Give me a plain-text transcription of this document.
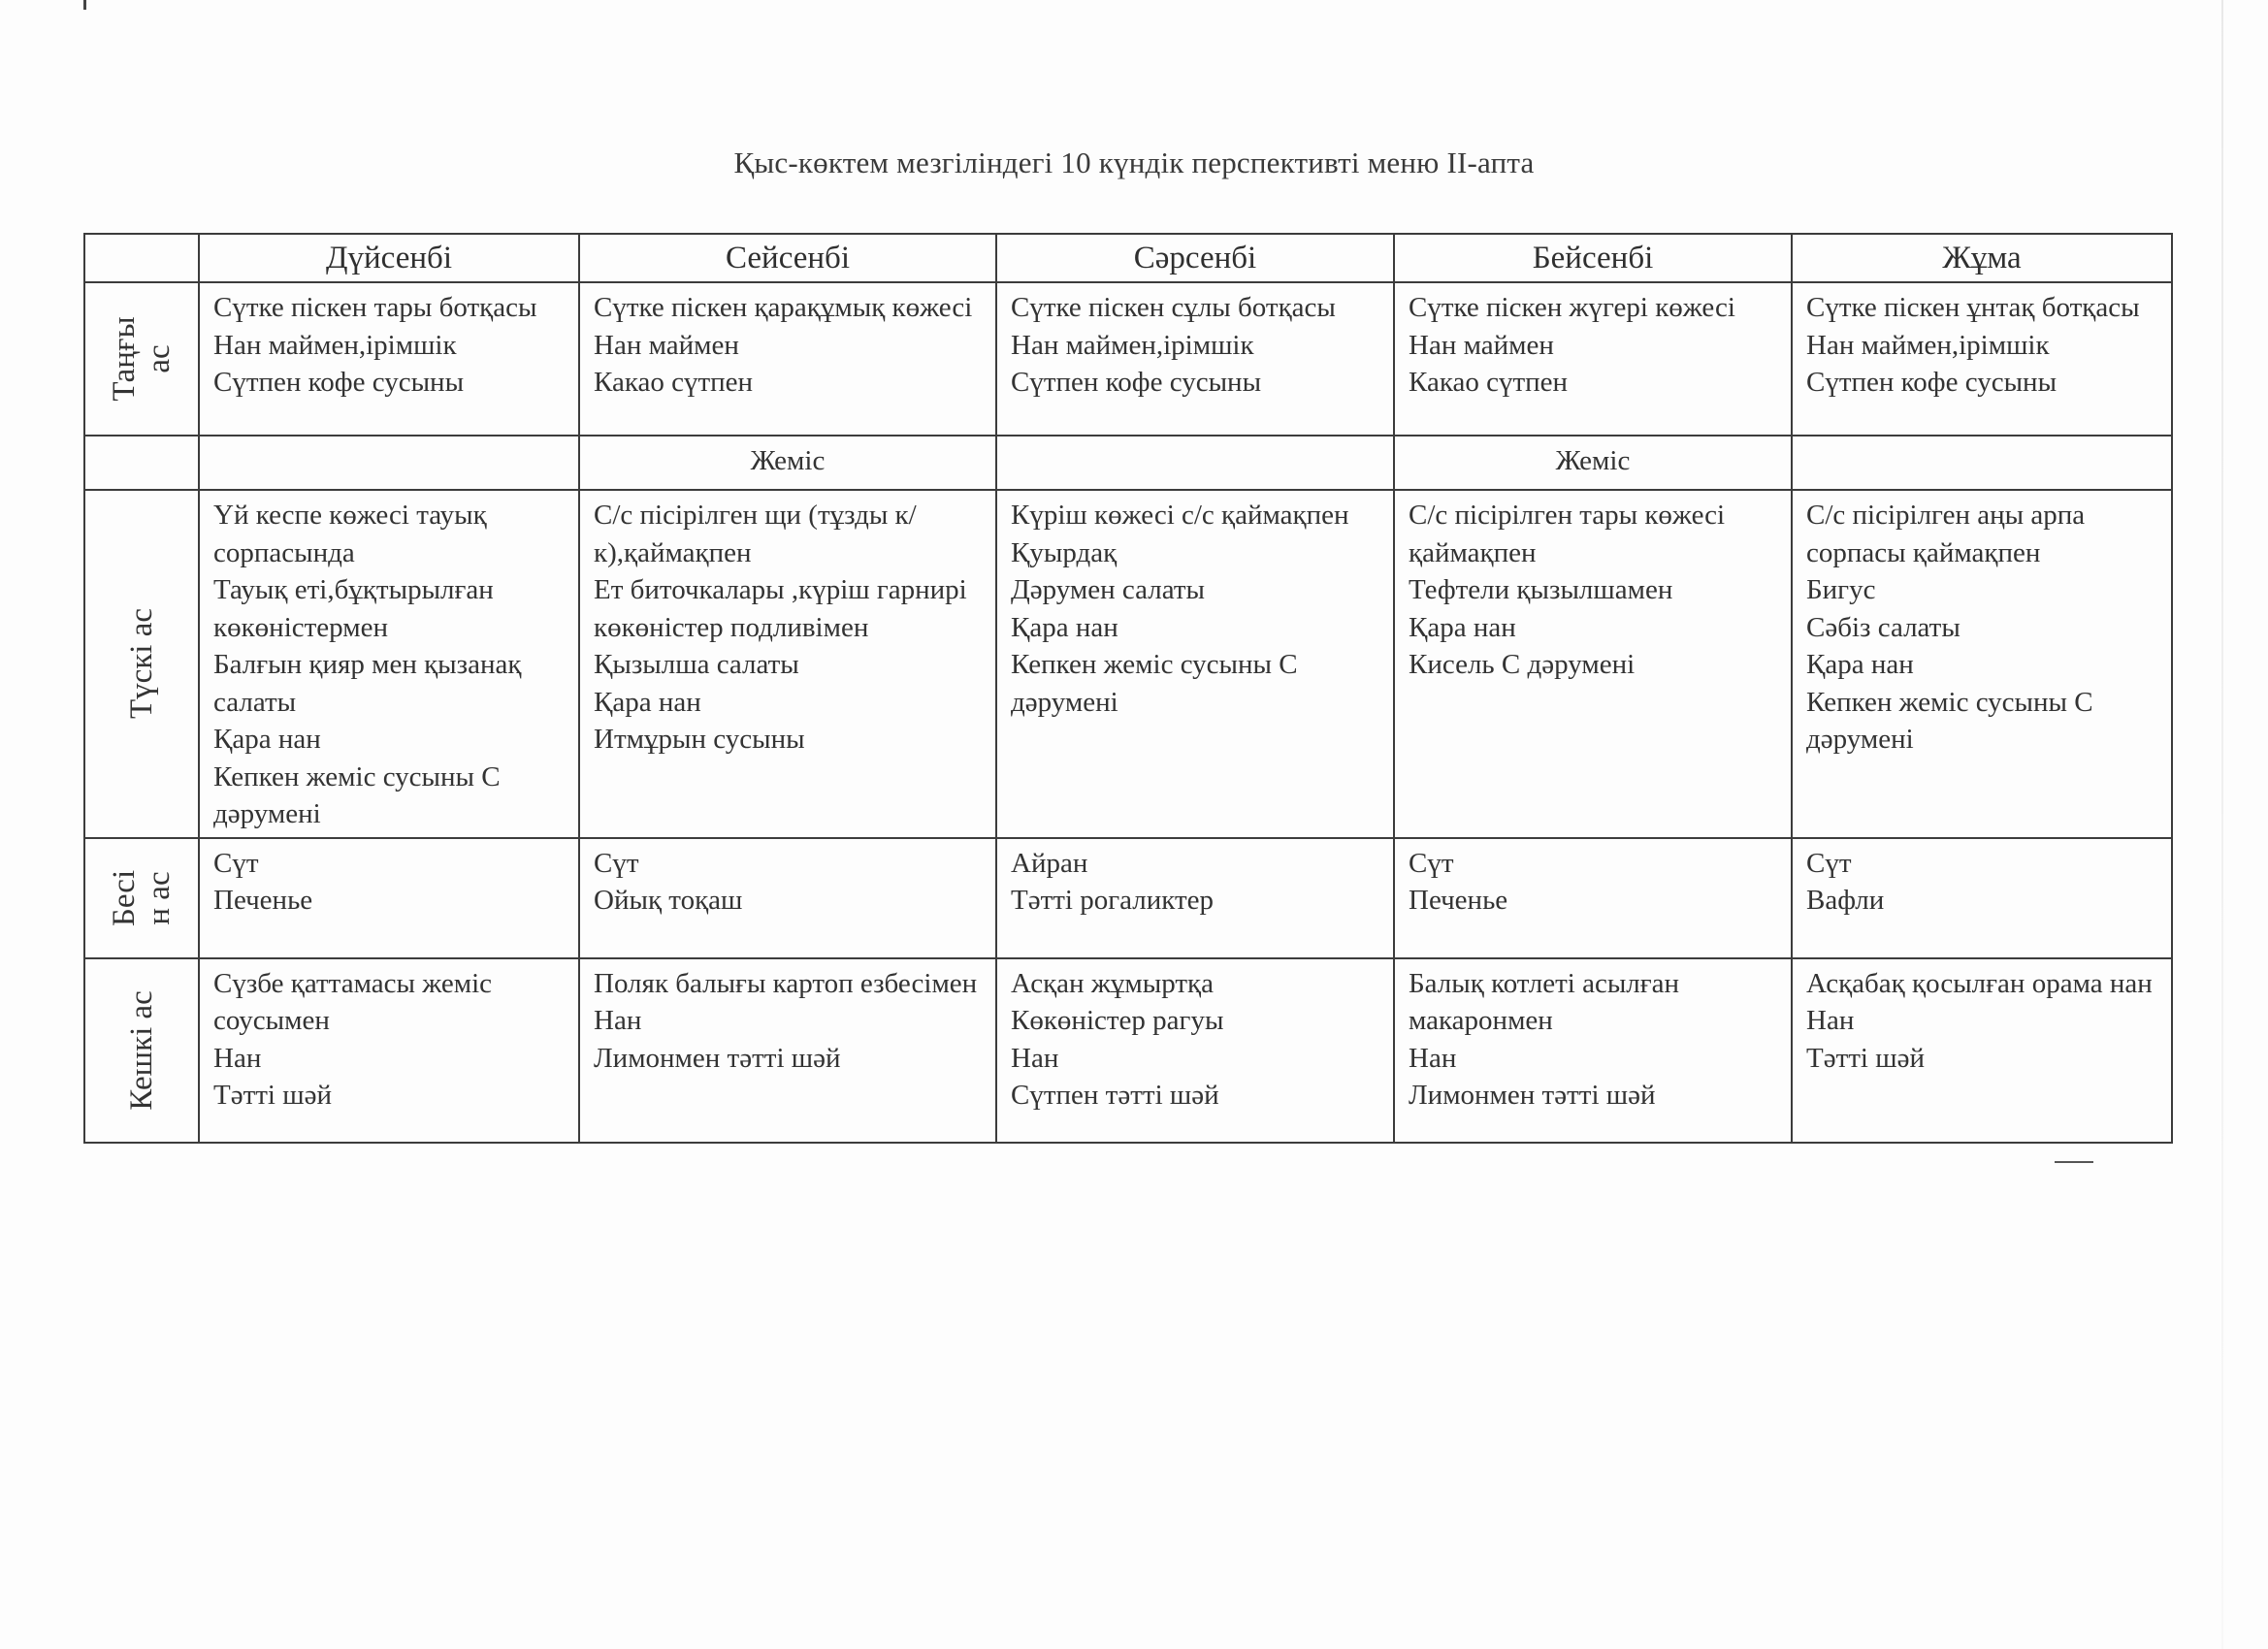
Қыс-көктем мезгіліндегі 10 күндік перспективті меню ІІ-апта
	Дүйсенбі	Сейсенбі	Сәрсенбі	Бейсенбі	Жұма

Таңғы ас	Сүтке піскен тары ботқасы
Нан маймен,ірімшік
Сүтпен кофе сусыны	Сүтке піскен қарақұмық көжесі
Нан маймен
Какао сүтпен	Сүтке піскен сұлы ботқасы
Нан маймен,ірімшік
Сүтпен кофе сусыны	Сүтке піскен жүгері көжесі
Нан маймен
Какао сүтпен	Сүтке піскен ұнтақ ботқасы
Нан маймен,ірімшік
Сүтпен кофе сусыны

		Жеміс		Жеміс	

Түскі ас	Үй кеспе көжесі тауық сорпасында
Тауық еті,бұқтырылған көкөністермен
Балғын қияр мен қызанақ салаты
Қара нан
Кепкен жеміс сусыны С дәрумені	С/с пісірілген щи (тұзды к/к),қаймақпен
Ет биточкалары ,күріш гарнирі көкөністер подливімен
Қызылша салаты
Қара нан
Итмұрын сусыны	Күріш көжесі с/с қаймақпен
Қуырдақ
Дәрумен салаты
Қара нан
Кепкен жеміс сусыны С дәрумені	С/с пісірілген тары көжесі қаймақпен
Тефтели қызылшамен
Қара нан
Кисель С дәрумені	С/с пісірілген аңы арпа сорпасы қаймақпен
Бигус
Сәбіз салаты
Қара нан
Кепкен жеміс сусыны С дәрумені

Бесі н ас	Сүт
Печенье	Сүт
Ойық тоқаш	Айран
Тәтті рогаликтер	Сүт
Печенье	Сүт
Вафли

Кешкі ас	Сүзбе қаттамасы жеміс соусымен
Нан
Тәтті шәй	Поляк балығы картоп езбесімен
Нан
Лимонмен тәтті шәй	Асқан жұмыртқа
Көкөністер рагуы
Нан
Сүтпен тәтті шәй	Балық котлеті асылған макаронмен
Нан
Лимонмен тәтті шәй	Асқабақ қосылған орама нан
Нан
Тәтті шәй
